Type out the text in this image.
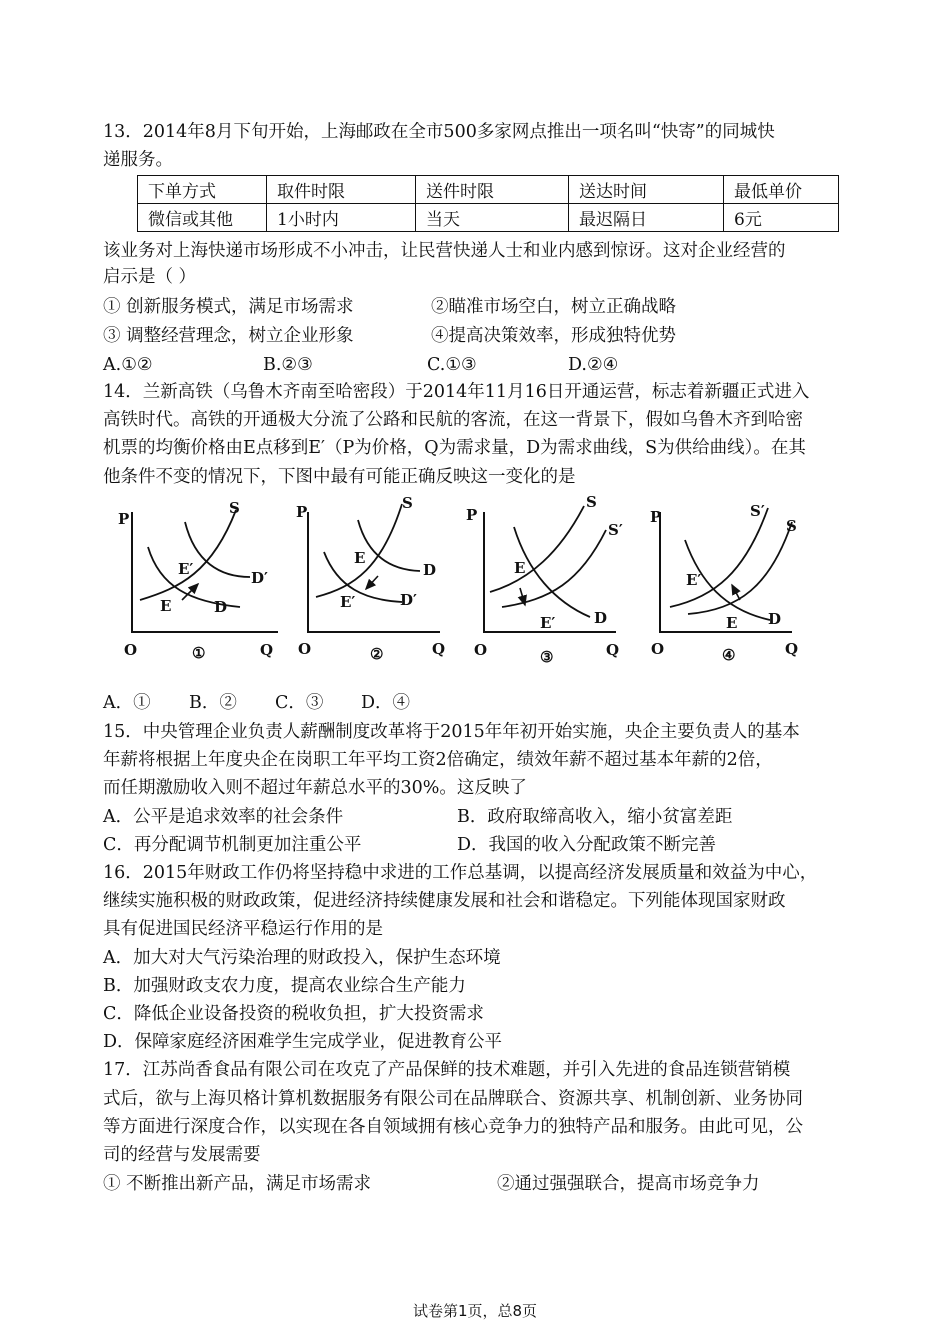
13．2014年8月下旬开始，上海邮政在全市500多家网点推出一项名叫“快寄”的同城快
递服务。
下单方式	取件时限	送件时限	送达时间	最低单价
微信或其他	1小时内	当天	最迟隔日	6元
该业务对上海快递市场形成不小冲击，让民营快递人士和业内感到惊讶。这对企业经营的
启示是（ ）
① 创新服务模式，满足市场需求	②瞄准市场空白，树立正确战略
③ 调整经营理念，树立企业形象	④提高决策效率，形成独特优势
A.①②	B.②③	C.①③	D.②④
14．兰新高铁（乌鲁木齐南至哈密段）于2014年11月16日开通运营，标志着新疆正式进入
高铁时代。高铁的开通极大分流了公路和民航的客流，在这一背景下，假如乌鲁木齐到哈密
机票的均衡价格由E点移到E′（P为价格，Q为需求量，D为需求曲线，S为供给曲线）。在其
他条件不变的情况下，下图中最有可能正确反映这一变化的是
P
O	Q
S
D′
D
E′
E
①
P
O	Q
S
D
D′
E
E′
②
P
O	Q
S
S′
D
E
E′
③
P
O	Q
S′
S
D
E′
E
④
A．① B．② C．③ D．④
15．中央管理企业负责人薪酬制度改革将于2015年年初开始实施，央企主要负责人的基本
年薪将根据上年度央企在岗职工年平均工资2倍确定，绩效年薪不超过基本年薪的2倍，
而任期激励收入则不超过年薪总水平的30%。这反映了
A．公平是追求效率的社会条件	B．政府取缔高收入，缩小贫富差距
C．再分配调节机制更加注重公平	D．我国的收入分配政策不断完善
16．2015年财政工作仍将坚持稳中求进的工作总基调，以提高经济发展质量和效益为中心，
继续实施积极的财政政策，促进经济持续健康发展和社会和谐稳定。下列能体现国家财政
具有促进国民经济平稳运行作用的是
A．加大对大气污染治理的财政投入，保护生态环境
B．加强财政支农力度，提高农业综合生产能力
C．降低企业设备投资的税收负担，扩大投资需求
D．保障家庭经济困难学生完成学业，促进教育公平
17．江苏尚香食品有限公司在攻克了产品保鲜的技术难题，并引入先进的食品连锁营销模
式后，欲与上海贝格计算机数据服务有限公司在品牌联合、资源共享、机制创新、业务协同
等方面进行深度合作，以实现在各自领域拥有核心竞争力的独特产品和服务。由此可见，公
司的经营与发展需要
① 不断推出新产品，满足市场需求	②通过强强联合，提高市场竞争力
试卷第1页，总8页
